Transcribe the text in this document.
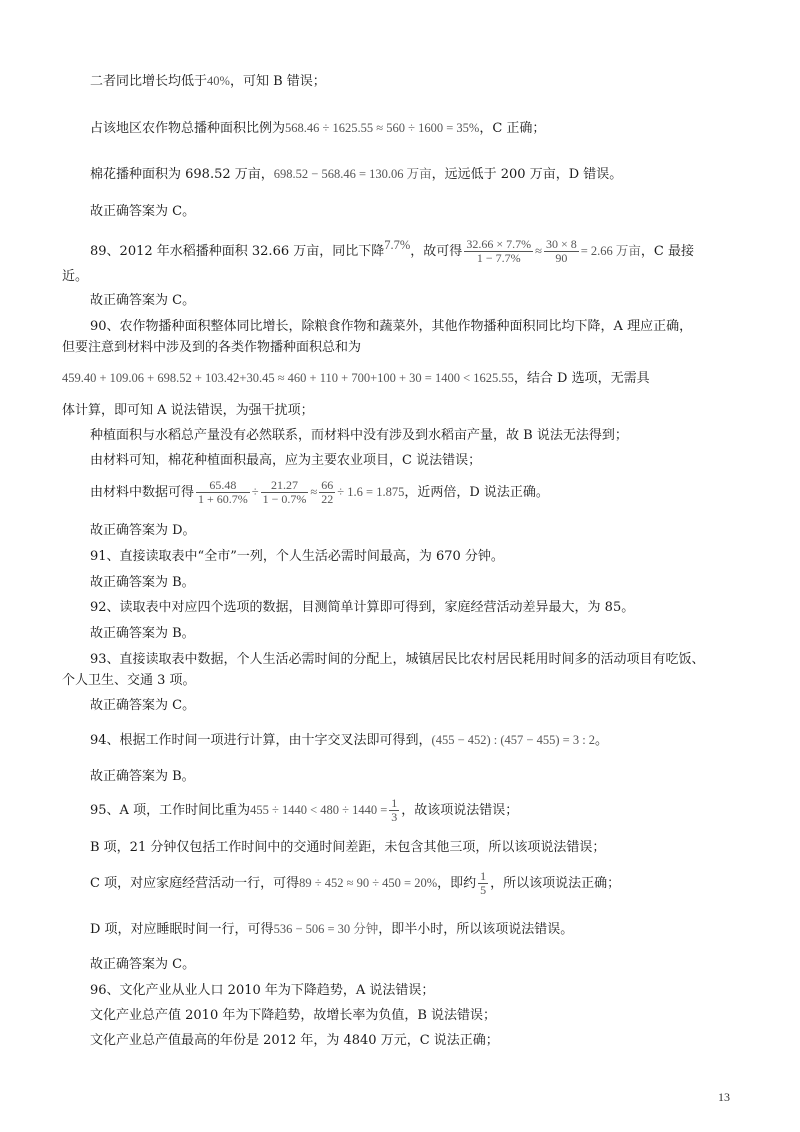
二者同比增长均低于40%，可知 B 错误；
占该地区农作物总播种面积比例为568.46 ÷ 1625.55 ≈ 560 ÷ 1600 = 35%，C 正确；
棉花播种面积为 698.52 万亩，698.52 − 568.46 = 130.06 万亩，远远低于 200 万亩，D 错误。
故正确答案为 C。
89、2012 年水稻播种面积 32.66 万亩，同比下降7.7%，故可得 $\frac{32.66 \times 7.7\%}{1 - 7.7\%} \approx \frac{30 \times 8}{90} = 2.66$ 万亩，C 最接
近。
故正确答案为 C。
90、农作物播种面积整体同比增长，除粮食作物和蔬菜外，其他作物播种面积同比均下降，A 理应正确，
但要注意到材料中涉及到的各类作物播种面积总和为
459.40 + 109.06 + 698.52 + 103.42+30.45 ≈ 460 + 110 + 700+100 + 30 = 1400 < 1625.55，结合 D 选项，无需具
体计算，即可知 A 说法错误，为强干扰项；
种植面积与水稻总产量没有必然联系，而材料中没有涉及到水稻亩产量，故 B 说法无法得到；
由材料可知，棉花种植面积最高，应为主要农业项目，C 说法错误；
由材料中数据可得 $\frac{65.48}{1 + 60.7\%} \div \frac{21.27}{1 - 0.7\%} \approx \frac{66}{22} \div 1.6 = 1.875$，近两倍，D 说法正确。
故正确答案为 D。
91、直接读取表中“全市”一列，个人生活必需时间最高，为 670 分钟。
故正确答案为 B。
92、读取表中对应四个选项的数据，目测简单计算即可得到，家庭经营活动差异最大，为 85。
故正确答案为 B。
93、直接读取表中数据，个人生活必需时间的分配上，城镇居民比农村居民耗用时间多的活动项目有吃饭、
个人卫生、交通 3 项。
故正确答案为 C。
94、根据工作时间一项进行计算，由十字交叉法即可得到，(455 − 452) : (457 − 455) = 3 : 2。
故正确答案为 B。
95、A 项，工作时间比重为$455 \div 1440 < 480 \div 1440 = \frac{1}{3}$ ，故该项说法错误；
B 项，21 分钟仅包括工作时间中的交通时间差距，未包含其他三项，所以该项说法错误；
C 项，对应家庭经营活动一行，可得89 ÷ 452 ≈ 90 ÷ 450 = 20%，即约 $\frac{1}{5}$ ，所以该项说法正确；
D 项，对应睡眠时间一行，可得536 − 506 = 30 分钟，即半小时，所以该项说法错误。
故正确答案为 C。
96、文化产业从业人口 2010 年为下降趋势，A 说法错误；
文化产业总产值 2010 年为下降趋势，故增长率为负值，B 说法错误；
文化产业总产值最高的年份是 2012 年，为 4840 万元，C 说法正确；
13
